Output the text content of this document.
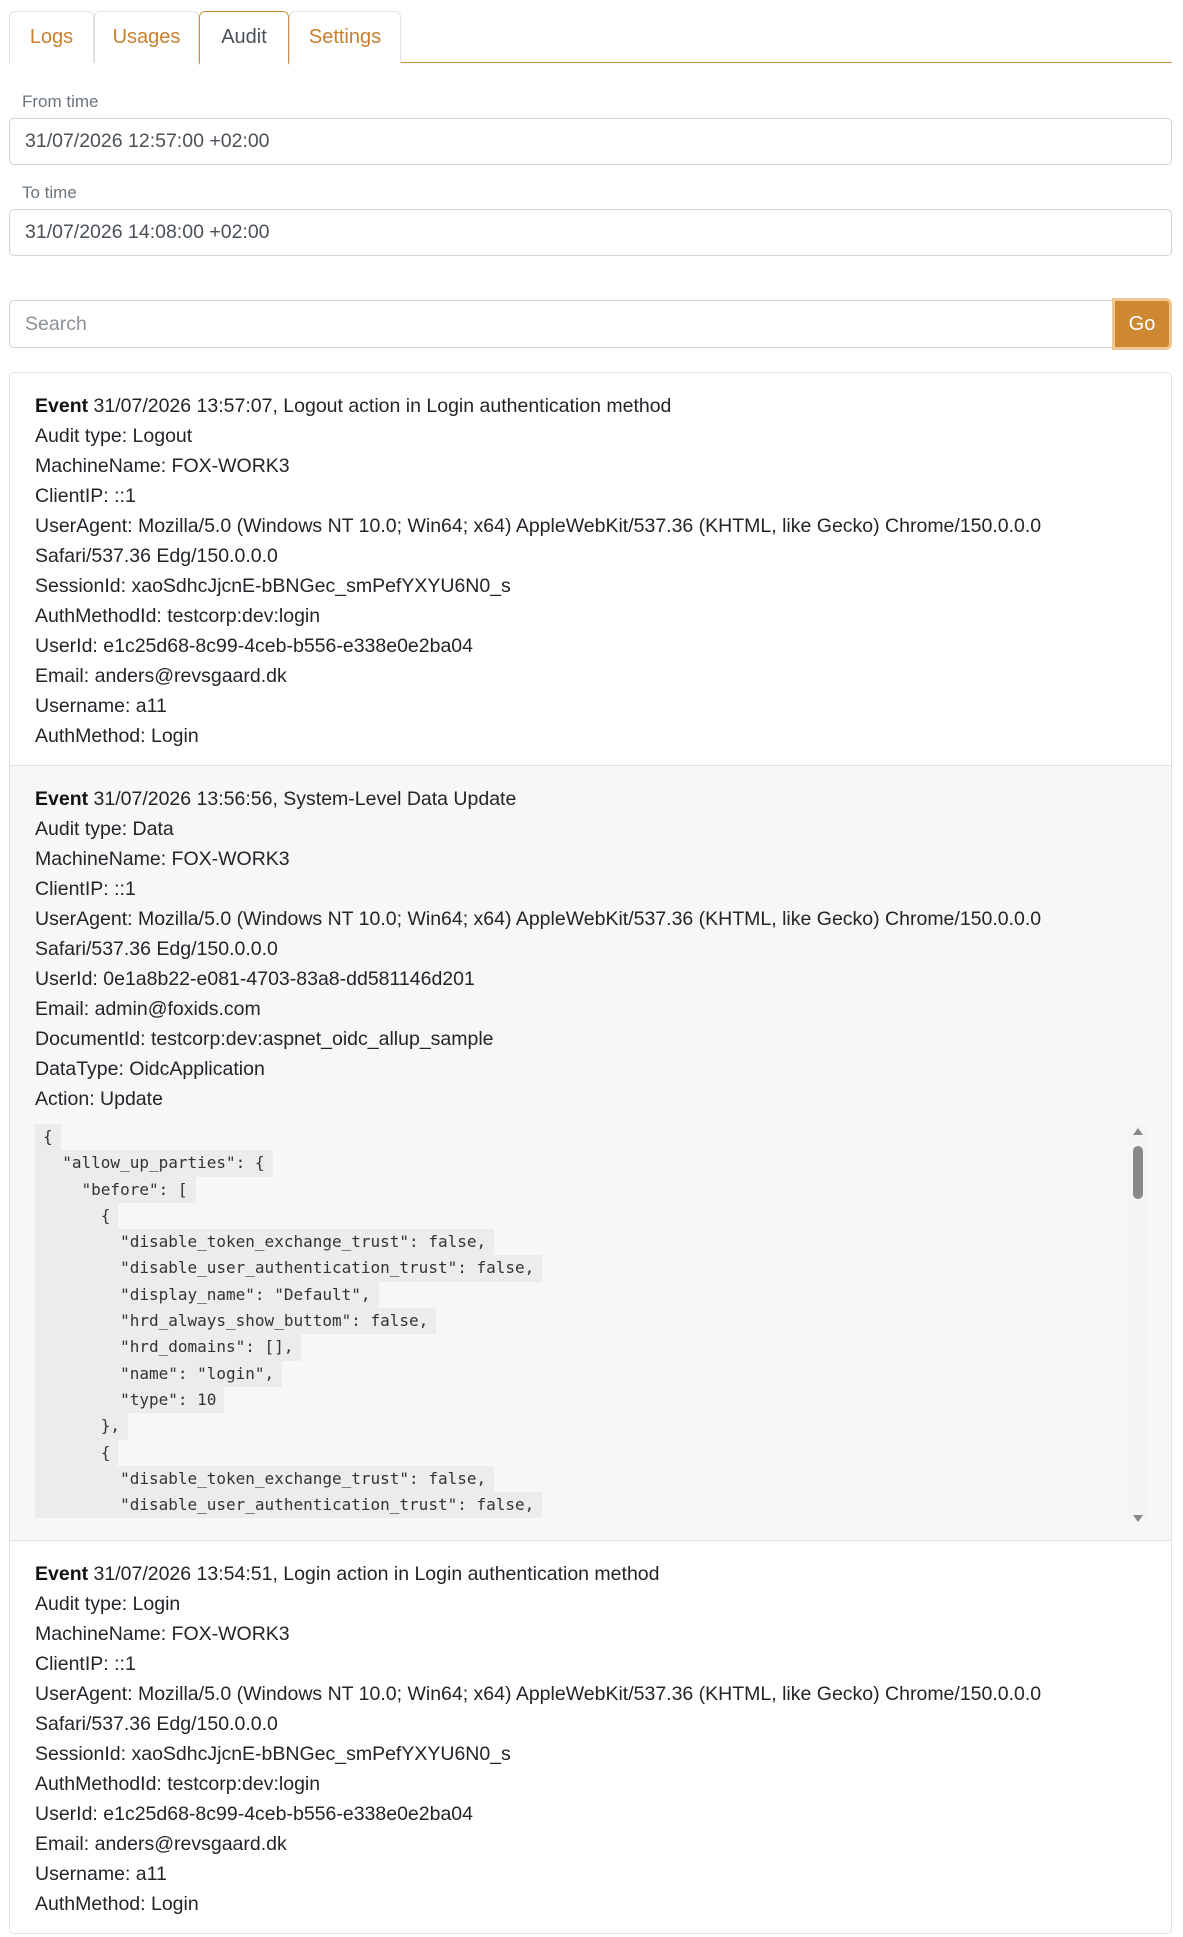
Logs	Usages	Audit	Settings
From time
31/07/2026 12:57:00 +02:00
To time
31/07/2026 14:08:00 +02:00
Search
Go
Event 31/07/2026 13:57:07, Logout action in Login authentication method
Audit type: Logout
MachineName: FOX-WORK3
ClientIP: ::1
UserAgent: Mozilla/5.0 (Windows NT 10.0; Win64; x64) AppleWebKit/537.36 (KHTML, like Gecko) Chrome/150.0.0.0
Safari/537.36 Edg/150.0.0.0
SessionId: xaoSdhcJjcnE-bBNGec_smPefYXYU6N0_s
AuthMethodId: testcorp:dev:login
UserId: e1c25d68-8c99-4ceb-b556-e338e0e2ba04
Email: anders@revsgaard.dk
Username: a11
AuthMethod: Login
Event 31/07/2026 13:56:56, System-Level Data Update
Audit type: Data
MachineName: FOX-WORK3
ClientIP: ::1
UserAgent: Mozilla/5.0 (Windows NT 10.0; Win64; x64) AppleWebKit/537.36 (KHTML, like Gecko) Chrome/150.0.0.0
Safari/537.36 Edg/150.0.0.0
UserId: 0e1a8b22-e081-4703-83a8-dd581146d201
Email: admin@foxids.com
DocumentId: testcorp:dev:aspnet_oidc_allup_sample
DataType: OidcApplication
Action: Update
{
"allow_up_parties": {
"before": [
{
"disable_token_exchange_trust": false,
"disable_user_authentication_trust": false,
"display_name": "Default",
"hrd_always_show_buttom": false,
"hrd_domains": [],
"name": "login",
"type": 10
},
{
"disable_token_exchange_trust": false,
"disable_user_authentication_trust": false,
Event 31/07/2026 13:54:51, Login action in Login authentication method
Audit type: Login
MachineName: FOX-WORK3
ClientIP: ::1
UserAgent: Mozilla/5.0 (Windows NT 10.0; Win64; x64) AppleWebKit/537.36 (KHTML, like Gecko) Chrome/150.0.0.0
Safari/537.36 Edg/150.0.0.0
SessionId: xaoSdhcJjcnE-bBNGec_smPefYXYU6N0_s
AuthMethodId: testcorp:dev:login
UserId: e1c25d68-8c99-4ceb-b556-e338e0e2ba04
Email: anders@revsgaard.dk
Username: a11
AuthMethod: Login
